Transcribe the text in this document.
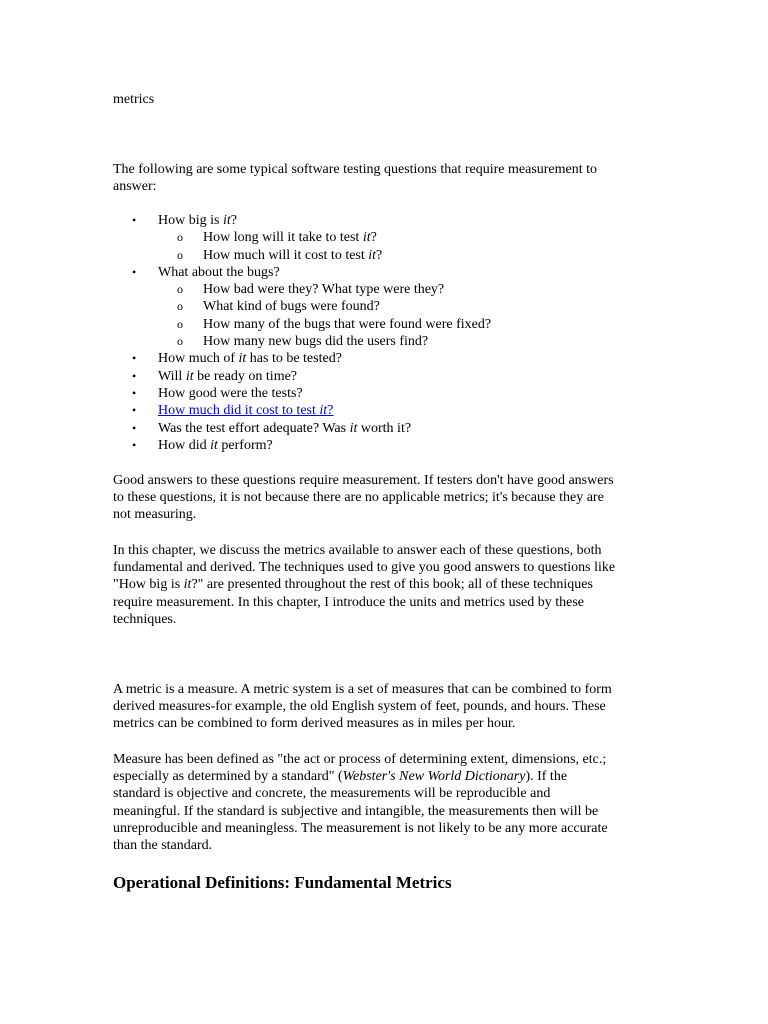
metrics
The following are some typical software testing questions that require measurement to
answer:
• How big is it?
o How long will it take to test it?
o How much will it cost to test it?
• What about the bugs?
o How bad were they? What type were they?
o What kind of bugs were found?
o How many of the bugs that were found were fixed?
o How many new bugs did the users find?
• How much of it has to be tested?
• Will it be ready on time?
• How good were the tests?
• How much did it cost to test it?
• Was the test effort adequate? Was it worth it?
• How did it perform?
Good answers to these questions require measurement. If testers don't have good answers
to these questions, it is not because there are no applicable metrics; it's because they are
not measuring.
In this chapter, we discuss the metrics available to answer each of these questions, both
fundamental and derived. The techniques used to give you good answers to questions like
"How big is it?" are presented throughout the rest of this book; all of these techniques
require measurement. In this chapter, I introduce the units and metrics used by these
techniques.
A metric is a measure. A metric system is a set of measures that can be combined to form
derived measures-for example, the old English system of feet, pounds, and hours. These
metrics can be combined to form derived measures as in miles per hour.
Measure has been defined as "the act or process of determining extent, dimensions, etc.;
especially as determined by a standard" (Webster's New World Dictionary). If the
standard is objective and concrete, the measurements will be reproducible and
meaningful. If the standard is subjective and intangible, the measurements then will be
unreproducible and meaningless. The measurement is not likely to be any more accurate
than the standard.
Operational Definitions: Fundamental Metrics
